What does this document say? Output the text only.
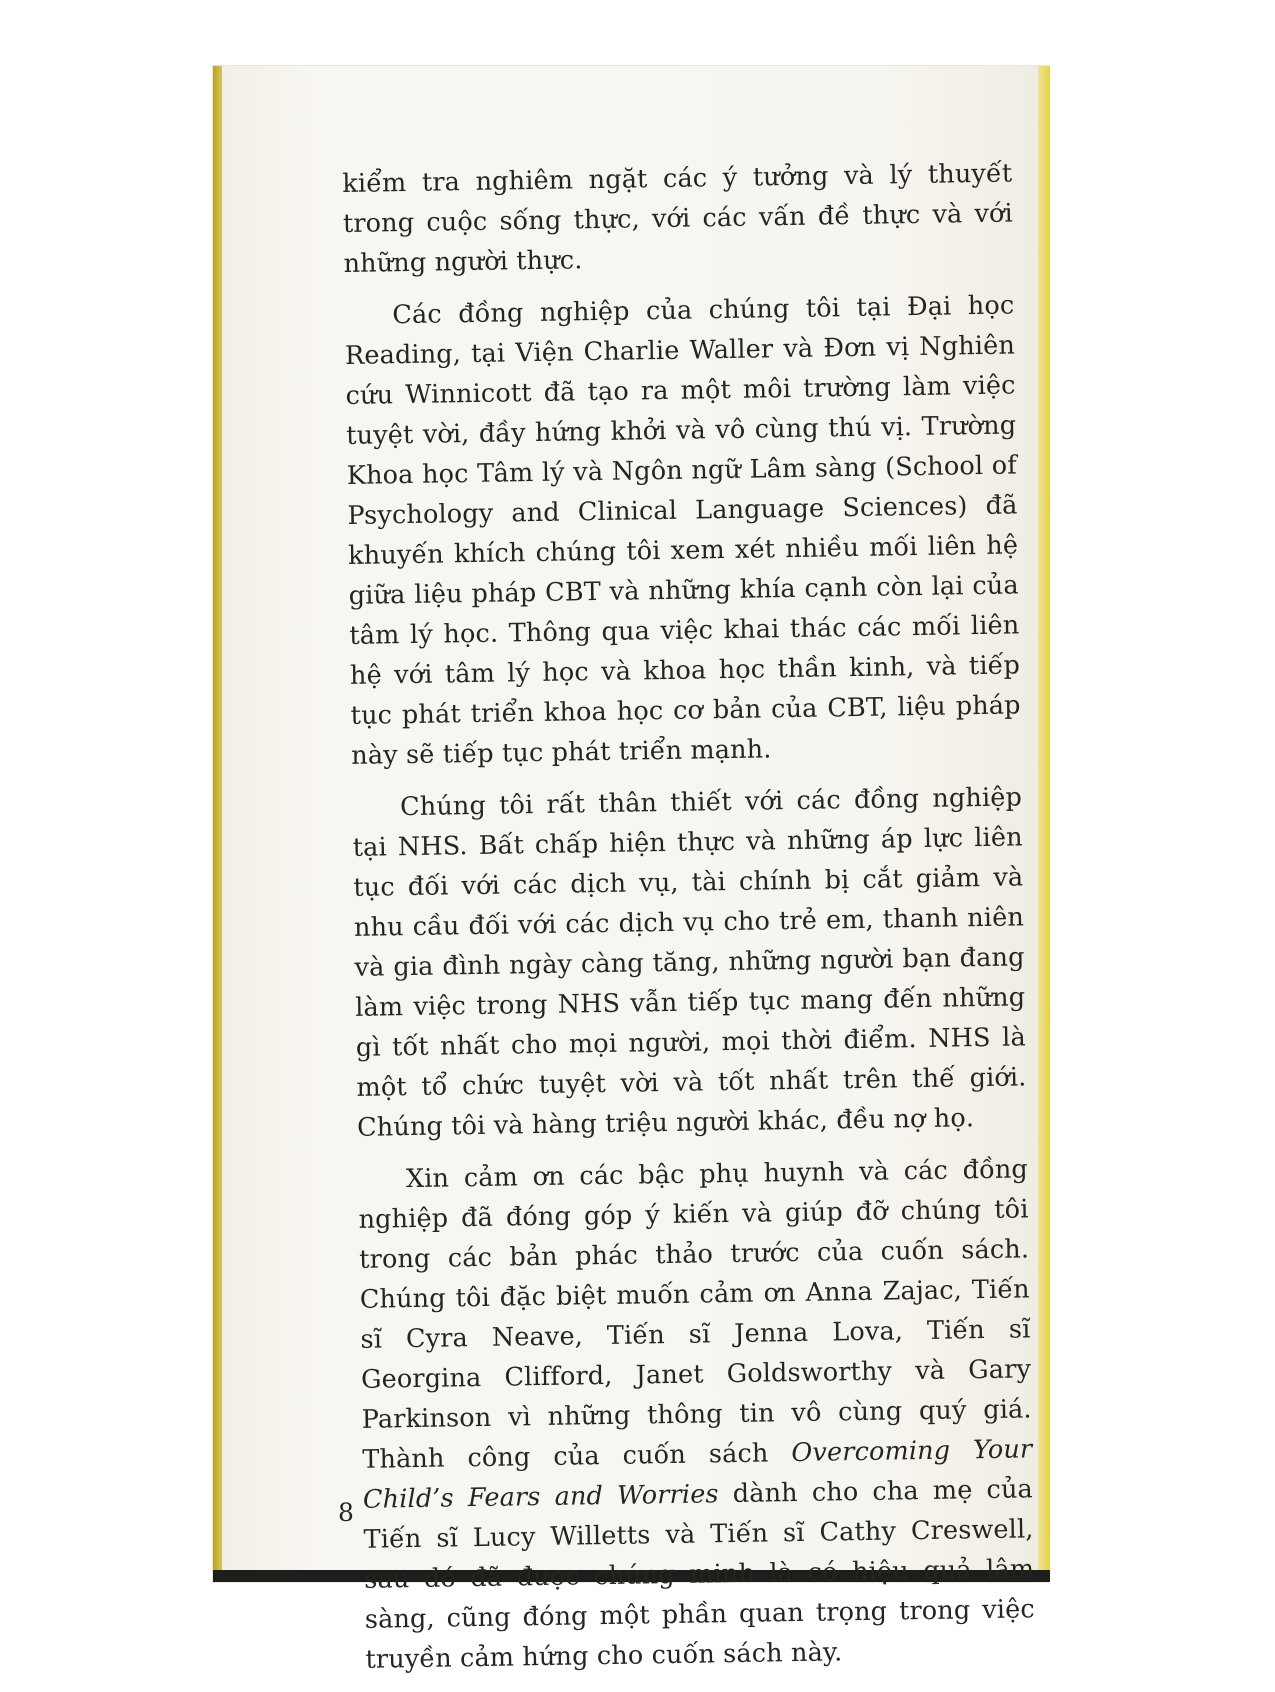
kiểm tra nghiêm ngặt các ý tưởng và lý thuyết trong cuộc sống thực, với các vấn đề thực và với những người thực.

Các đồng nghiệp của chúng tôi tại Đại học Reading, tại Viện Charlie Waller và Đơn vị Nghiên cứu Winnicott đã tạo ra một môi trường làm việc tuyệt vời, đầy hứng khởi và vô cùng thú vị. Trường Khoa học Tâm lý và Ngôn ngữ Lâm sàng (School of Psychology and Clinical Language Sciences) đã khuyến khích chúng tôi xem xét nhiều mối liên hệ giữa liệu pháp CBT và những khía cạnh còn lại của tâm lý học. Thông qua việc khai thác các mối liên hệ với tâm lý học và khoa học thần kinh, và tiếp tục phát triển khoa học cơ bản của CBT, liệu pháp này sẽ tiếp tục phát triển mạnh.

Chúng tôi rất thân thiết với các đồng nghiệp tại NHS. Bất chấp hiện thực và những áp lực liên tục đối với các dịch vụ, tài chính bị cắt giảm và nhu cầu đối với các dịch vụ cho trẻ em, thanh niên và gia đình ngày càng tăng, những người bạn đang làm việc trong NHS vẫn tiếp tục mang đến những gì tốt nhất cho mọi người, mọi thời điểm. NHS là một tổ chức tuyệt vời và tốt nhất trên thế giới. Chúng tôi và hàng triệu người khác, đều nợ họ.

Xin cảm ơn các bậc phụ huynh và các đồng nghiệp đã đóng góp ý kiến và giúp đỡ chúng tôi trong các bản phác thảo trước của cuốn sách. Chúng tôi đặc biệt muốn cảm ơn Anna Zajac, Tiến sĩ Cyra Neave, Tiến sĩ Jenna Lova, Tiến sĩ Georgina Clifford, Janet Goldsworthy và Gary Parkinson vì những thông tin vô cùng quý giá. Thành công của cuốn sách Overcoming Your Child’s Fears and Worries dành cho cha mẹ của Tiến sĩ Lucy Willetts và Tiến sĩ Cathy Creswell, sau đó đã được chứng minh là có hiệu quả lâm sàng, cũng đóng một phần quan trọng trong việc truyền cảm hứng cho cuốn sách này.

8
